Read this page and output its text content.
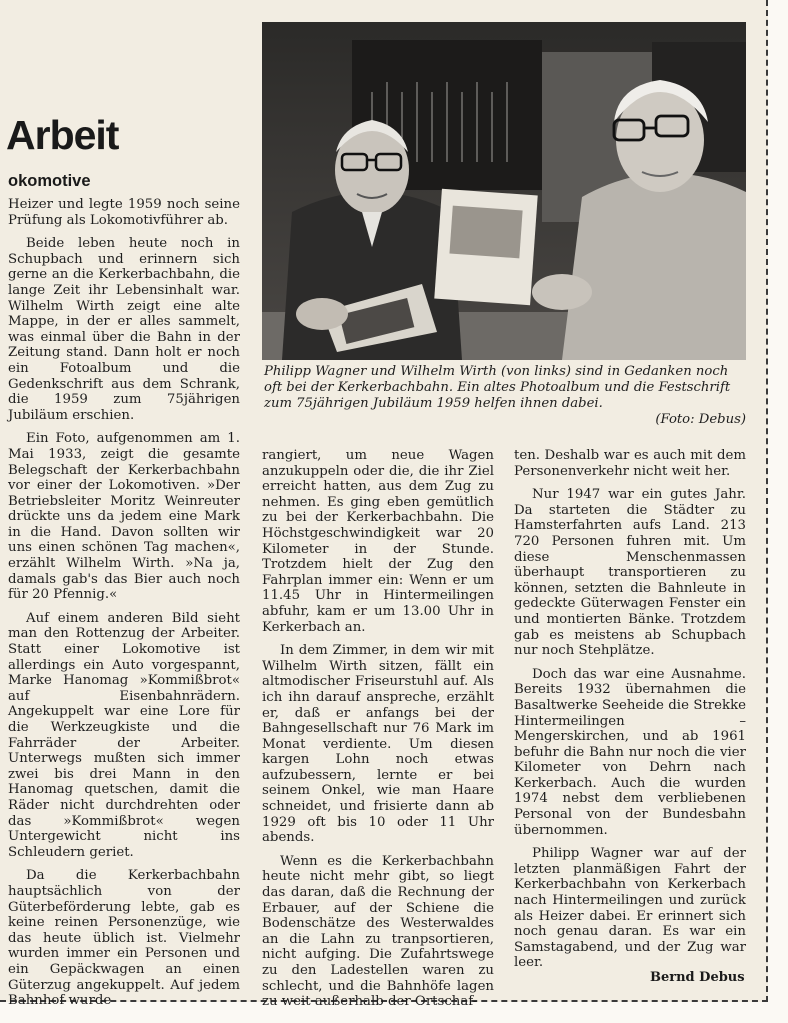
Arbeit
okomotive
Philipp Wagner und Wilhelm Wirth (von links) sind in Gedanken noch oft bei der Kerkerbachbahn. Ein altes Photoalbum und die Festschrift zum 75jährigen Jubiläum 1959 helfen ihnen dabei.
(Foto: Debus)

Heizer und legte 1959 noch seine Prüfung als Lokomotivführer ab.

Beide leben heute noch in Schupbach und erinnern sich gerne an die Kerkerbachbahn, die lange Zeit ihr Lebensinhalt war. Wilhelm Wirth zeigt eine alte Mappe, in der er alles sammelt, was einmal über die Bahn in der Zeitung stand. Dann holt er noch ein Fotoalbum und die Gedenkschrift aus dem Schrank, die 1959 zum 75jährigen Jubiläum erschien.

Ein Foto, aufgenommen am 1. Mai 1933, zeigt die gesamte Belegschaft der Kerkerbachbahn vor einer der Lokomotiven. »Der Betriebsleiter Moritz Weinreuter drückte uns da jedem eine Mark in die Hand. Davon sollten wir uns einen schönen Tag machen«, erzählt Wilhelm Wirth. »Na ja, damals gab's das Bier auch noch für 20 Pfennig.«

Auf einem anderen Bild sieht man den Rottenzug der Arbeiter. Statt einer Lokomotive ist allerdings ein Auto vorgespannt, Marke Hanomag »Kommißbrot« auf Eisenbahnrädern. Angekuppelt war eine Lore für die Werkzeugkiste und die Fahrräder der Arbeiter. Unterwegs mußten sich immer zwei bis drei Mann in den Hanomag quetschen, damit die Räder nicht durchdrehten oder das »Kommißbrot« wegen Untergewicht nicht ins Schleudern geriet.

Da die Kerkerbachbahn hauptsächlich von der Güterbeförderung lebte, gab es keine reinen Personenzüge, wie das heute üblich ist. Vielmehr wurden immer ein Personen und ein Gepäckwagen an einen Güterzug angekuppelt. Auf jedem Bahnhof wurde

rangiert, um neue Wagen anzukuppeln oder die, die ihr Ziel erreicht hatten, aus dem Zug zu nehmen. Es ging eben gemütlich zu bei der Kerkerbachbahn. Die Höchstgeschwindigkeit war 20 Kilometer in der Stunde. Trotzdem hielt der Zug den Fahrplan immer ein: Wenn er um 11.45 Uhr in Hintermeilingen abfuhr, kam er um 13.00 Uhr in Kerkerbach an.

In dem Zimmer, in dem wir mit Wilhelm Wirth sitzen, fällt ein altmodischer Friseurstuhl auf. Als ich ihn darauf anspreche, erzählt er, daß er anfangs bei der Bahngesellschaft nur 76 Mark im Monat verdiente. Um diesen kargen Lohn noch etwas aufzubessern, lernte er bei seinem Onkel, wie man Haare schneidet, und frisierte dann ab 1929 oft bis 10 oder 11 Uhr abends.

Wenn es die Kerkerbachbahn heute nicht mehr gibt, so liegt das daran, daß die Rechnung der Erbauer, auf der Schiene die Bodenschätze des Westerwaldes an die Lahn zu tranpsortieren, nicht aufging. Die Zufahrtswege zu den Ladestellen waren zu schlecht, und die Bahnhöfe lagen zu weit außerhalb der Ortschaf-

ten. Deshalb war es auch mit dem Personenverkehr nicht weit her.

Nur 1947 war ein gutes Jahr. Da starteten die Städter zu Hamsterfahrten aufs Land. 213 720 Personen fuhren mit. Um diese Menschenmassen überhaupt transportieren zu können, setzten die Bahnleute in gedeckte Güterwagen Fenster ein und montierten Bänke. Trotzdem gab es meistens ab Schupbach nur noch Stehplätze.

Doch das war eine Ausnahme. Bereits 1932 übernahmen die Basaltwerke Seeheide die Strekke Hintermeilingen – Mengerskirchen, und ab 1961 befuhr die Bahn nur noch die vier Kilometer von Dehrn nach Kerkerbach. Auch die wurden 1974 nebst dem verbliebenen Personal von der Bundesbahn übernommen.

Philipp Wagner war auf der letzten planmäßigen Fahrt der Kerkerbachbahn von Kerkerbach nach Hintermeilingen und zurück als Heizer dabei. Er erinnert sich noch genau daran. Es war ein Samstagabend, und der Zug war leer.

Bernd Debus
